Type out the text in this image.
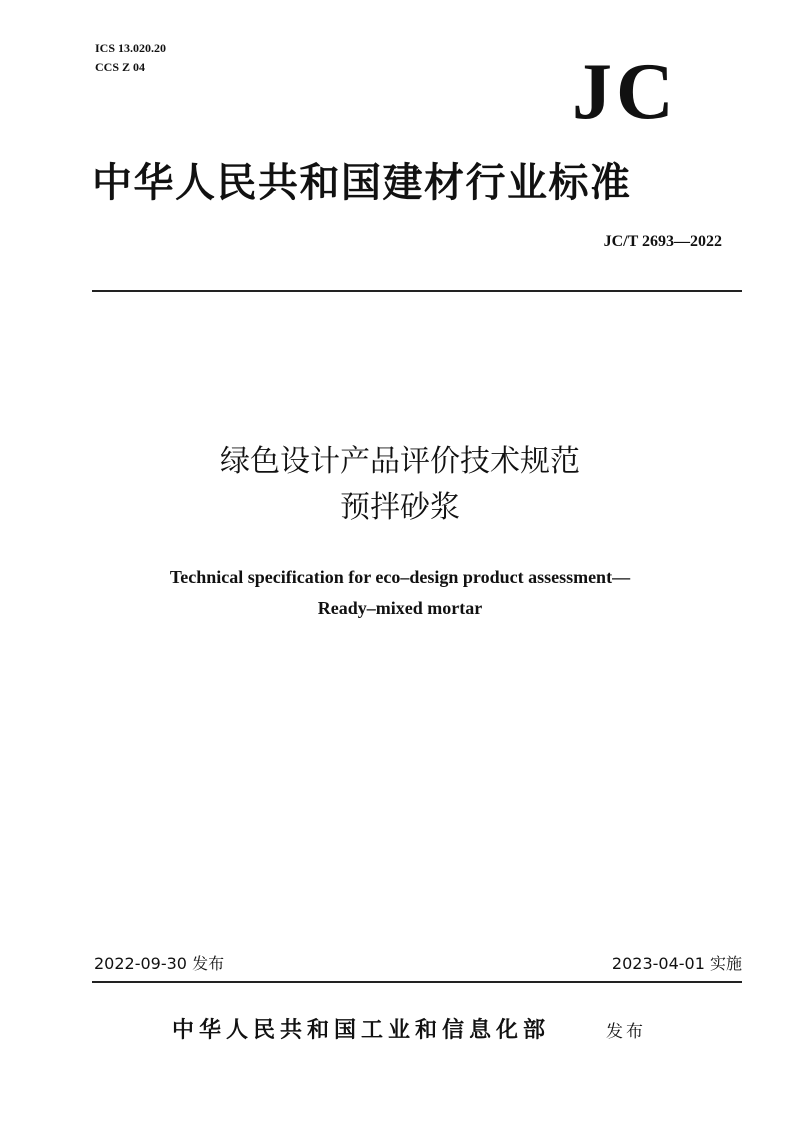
ICS 13.020.20
CCS Z 04	JC
中华人民共和国建材行业标准
JC/T 2693—2022
绿色设计产品评价技术规范
预拌砂浆
Technical specification for eco–design product assessment—
Ready–mixed mortar
2022-09-30 发布	2023-04-01 实施
中华人民共和国工业和信息化部	发布
